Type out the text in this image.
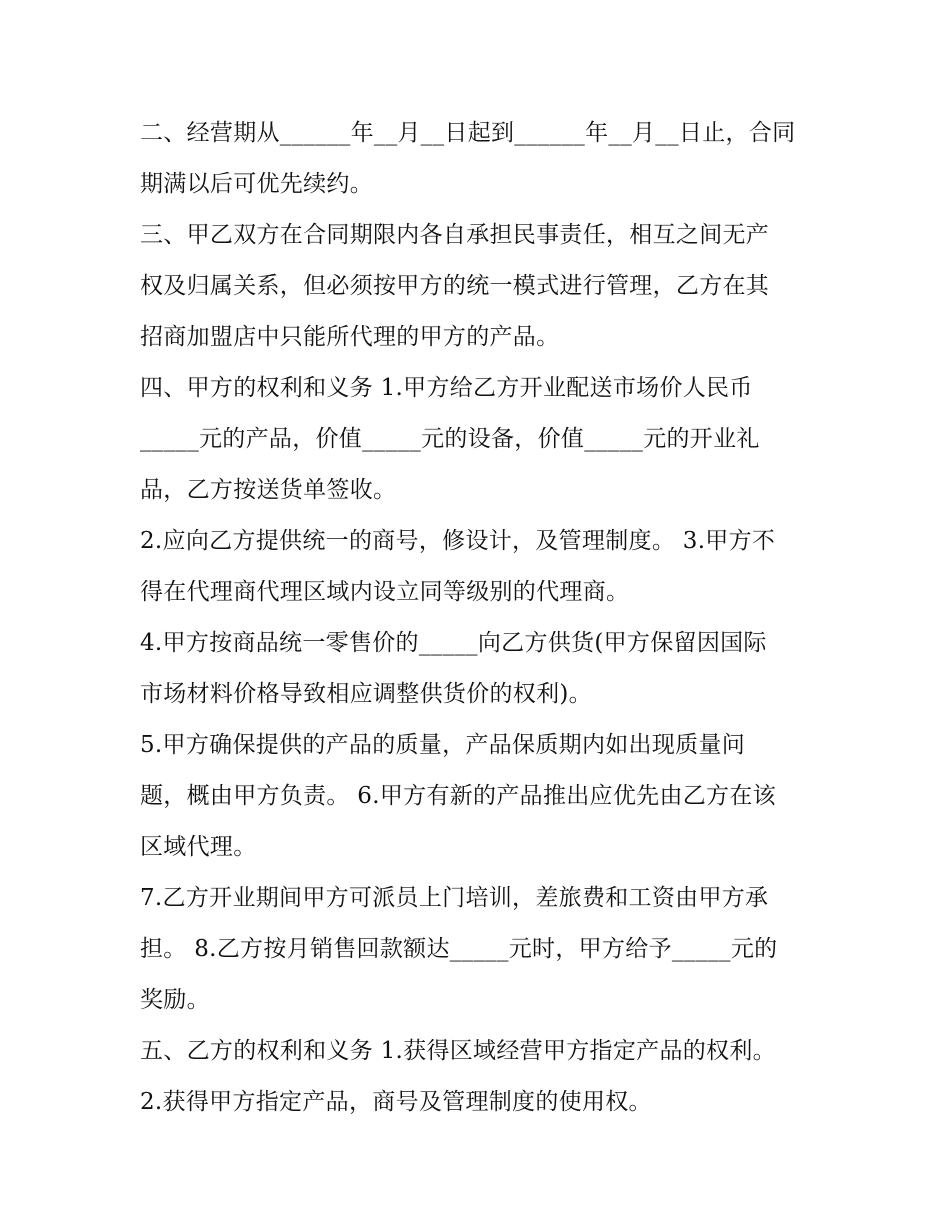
二、经营期从______年__月__日起到______年__月__日止，合同
期满以后可优先续约。
三、甲乙双方在合同期限内各自承担民事责任，相互之间无产
权及归属关系，但必须按甲方的统一模式进行管理，乙方在其
招商加盟店中只能所代理的甲方的产品。
四、甲方的权利和义务 1.甲方给乙方开业配送市场价人民币
_____元的产品，价值_____元的设备，价值_____元的开业礼
品，乙方按送货单签收。
2.应向乙方提供统一的商号，修设计，及管理制度。 3.甲方不
得在代理商代理区域内设立同等级别的代理商。
4.甲方按商品统一零售价的_____向乙方供货(甲方保留因国际
市场材料价格导致相应调整供货价的权利)。
5.甲方确保提供的产品的质量，产品保质期内如出现质量问
题，概由甲方负责。 6.甲方有新的产品推出应优先由乙方在该
区域代理。
7.乙方开业期间甲方可派员上门培训，差旅费和工资由甲方承
担。 8.乙方按月销售回款额达_____元时，甲方给予_____元的
奖励。
五、乙方的权利和义务 1.获得区域经营甲方指定产品的权利。
2.获得甲方指定产品，商号及管理制度的使用权。
